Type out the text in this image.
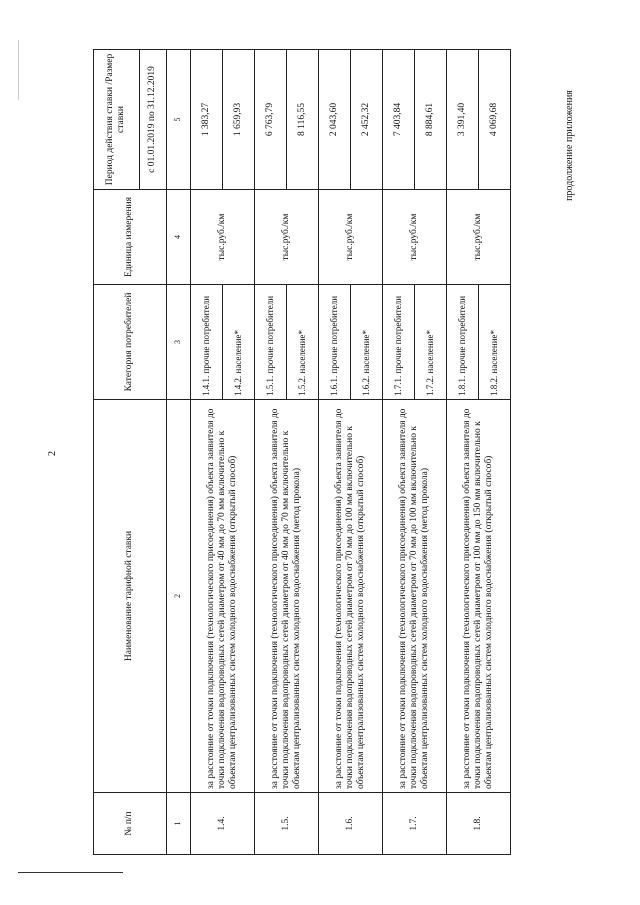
2
продолжение приложения
№ п/п	Наименование тарифной ставки	Категория потребителей	Единица измерения	Период действия ставки /Размер ставки
				с 01.01.2019 по 31.12.2019
1	2	3	4	5
1.4.	за расстояние от точки подключения (технологического присоединения) объекта заявителя до точки подключения водопроводных сетей диаметром от 40 мм до 70 мм включительно к объектам централизованных систем холодного водоснабжения (открытый способ)	1.4.1. прочие потребители	тыс.руб./км	1 383,27
		1.4.2. население*		1 659,93
1.5.	за расстояние от точки подключения (технологического присоединения) объекта заявителя до точки подключения водопроводных сетей диаметром от 40 мм до 70 мм включительно к объектам централизованных систем холодного водоснабжения (метод прокола)	1.5.1. прочие потребители	тыс.руб./км	6 763,79
		1.5.2. население*		8 116,55
1.6.	за расстояние от точки подключения (технологического присоединения) объекта заявителя до точки подключения водопроводных сетей диаметром от 70 мм до 100 мм включительно к объектам централизованных систем холодного водоснабжения (открытый способ)	1.6.1. прочие потребители	тыс.руб./км	2 043,60
		1.6.2. население*		2 452,32
1.7.	за расстояние от точки подключения (технологического присоединения) объекта заявителя до точки подключения водопроводных сетей диаметром от 70 мм до 100 мм включительно к объектам централизованных систем холодного водоснабжения (метод прокола)	1.7.1. прочие потребители	тыс.руб./км	7 403,84
		1.7.2. население*		8 884,61
1.8.	за расстояние от точки подключения (технологического присоединения) объекта заявителя до точки подключения водопроводных сетей диаметром от 100 мм до 150 мм включительно к объектам централизованных систем холодного водоснабжения (открытый способ)	1.8.1. прочие потребители	тыс.руб./км	3 391,40
		1.8.2. население*		4 069,68
